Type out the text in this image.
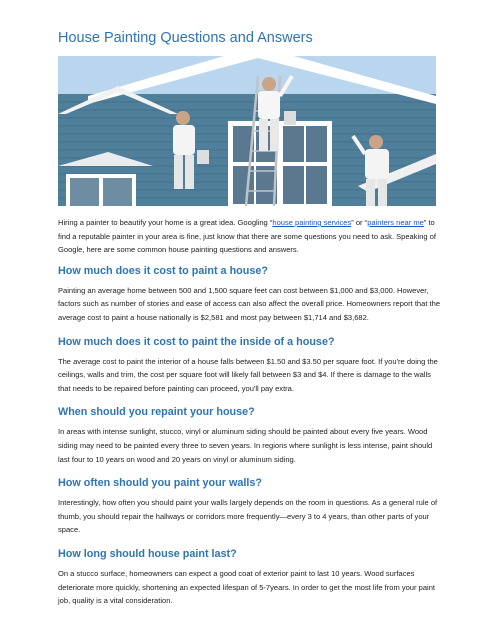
House Painting Questions and Answers

Hiring a painter to beautify your home is a great idea. Googling “house painting services” or “painters near me” to find a reputable painter in your area is fine, just know that there are some questions you need to ask. Speaking of Google, here are some common house painting questions and answers.

How much does it cost to paint a house?

Painting an average home between 500 and 1,500 square feet can cost between $1,000 and $3,000. However, factors such as number of stories and ease of access can also affect the overall price. Homeowners report that the average cost to paint a house nationally is $2,581 and most pay between $1,714 and $3,682.

How much does it cost to paint the inside of a house?

The average cost to paint the interior of a house falls between $1.50 and $3.50 per square foot. If you're doing the ceilings, walls and trim, the cost per square foot will likely fall between $3 and $4. If there is damage to the walls that needs to be repaired before painting can proceed, you'll pay extra.

When should you repaint your house?

In areas with intense sunlight, stucco, vinyl or aluminum siding should be painted about every five years. Wood siding may need to be painted every three to seven years. In regions where sunlight is less intense, paint should last four to 10 years on wood and 20 years on vinyl or aluminum siding.

How often should you paint your walls?

Interestingly, how often you should paint your walls largely depends on the room in questions. As a general rule of thumb, you should repair the hallways or corridors more frequently—every 3 to 4 years, than other parts of your space.

How long should house paint last?

On a stucco surface, homeowners can expect a good coat of exterior paint to last 10 years. Wood surfaces deteriorate more quickly, shortening an expected lifespan of 5-7years. In order to get the most life from your paint job, quality is a vital consideration.
